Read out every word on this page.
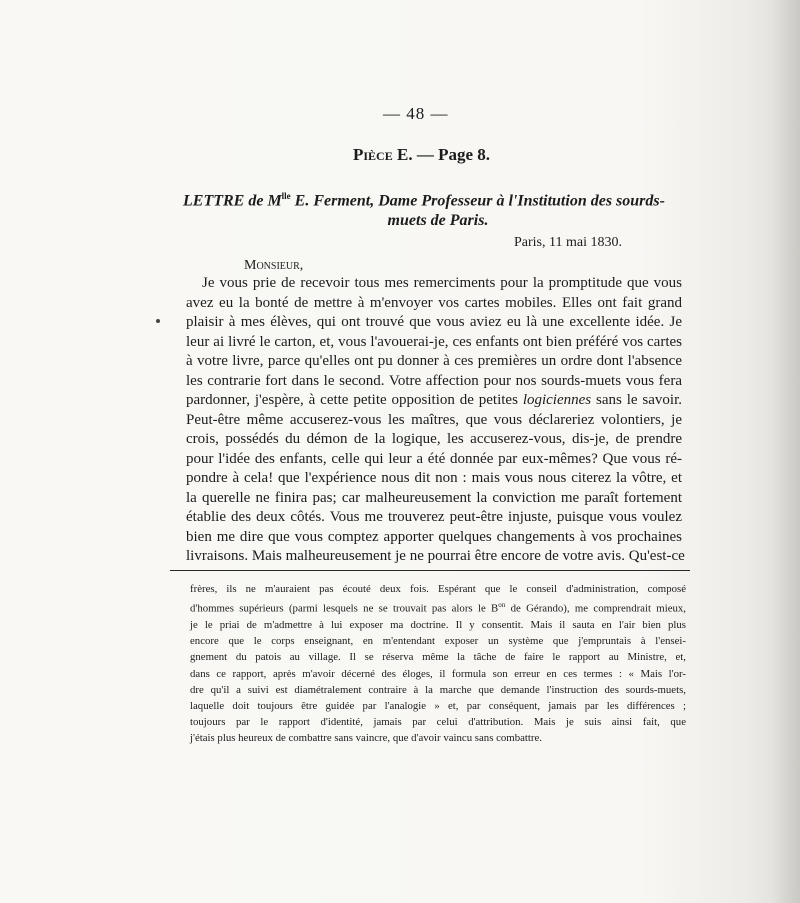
— 48 —
Pièce E. — Page 8.
LETTRE de $M^{lle}$ E. Ferment, Dame Professeur à l'Institution des sourds-
muets de Paris.
Paris, 11 mai 1830.
Monsieur,
Je vous prie de recevoir tous mes remerciments pour la promptitude que vous
avez eu la bonté de mettre à m'envoyer vos cartes mobiles. Elles ont fait grand
plaisir à mes élèves, qui ont trouvé que vous aviez eu là une excellente idée. Je
leur ai livré le carton, et, vous l'avouerai-je, ces enfants ont bien préféré vos cartes
à votre livre, parce qu'elles ont pu donner à ces premières un ordre dont l'absence
les contrarie fort dans le second. Votre affection pour nos sourds-muets vous fera
pardonner, j'espère, à cette petite opposition de petites logiciennes sans le savoir.
Peut-être même accuserez-vous les maîtres, que vous déclareriez volontiers, je
crois, possédés du démon de la logique, les accuserez-vous, dis-je, de prendre
pour l'idée des enfants, celle qui leur a été donnée par eux-mêmes? Que vous ré-
pondre à cela! que l'expérience nous dit non : mais vous nous citerez la vôtre, et
la querelle ne finira pas; car malheureusement la conviction me paraît fortement
établie des deux côtés. Vous me trouverez peut-être injuste, puisque vous voulez
bien me dire que vous comptez apporter quelques changements à vos prochaines
livraisons. Mais malheureusement je ne pourrai être encore de votre avis. Qu'est-ce
frères, ils ne m'auraient pas écouté deux fois. Espérant que le conseil d'administration, composé
d'hommes supérieurs (parmi lesquels ne se trouvait pas alors le $B^{on}$ de Gérando), me comprendrait mieux,
je le priai de m'admettre à lui exposer ma doctrine. Il y consentit. Mais il sauta en l'air bien plus
encore que le corps enseignant, en m'entendant exposer un système que j'empruntais à l'ensei-
gnement du patois au village. Il se réserva même la tâche de faire le rapport au Ministre, et,
dans ce rapport, après m'avoir décerné des éloges, il formula son erreur en ces termes : « Mais l'or-
dre qu'il a suivi est diamétralement contraire à la marche que demande l'instruction des sourds-muets,
laquelle doit toujours être guidée par l'analogie » et, par conséquent, jamais par les différences ;
toujours par le rapport d'identité, jamais par celui d'attribution. Mais je suis ainsi fait, que
j'étais plus heureux de combattre sans vaincre, que d'avoir vaincu sans combattre.
